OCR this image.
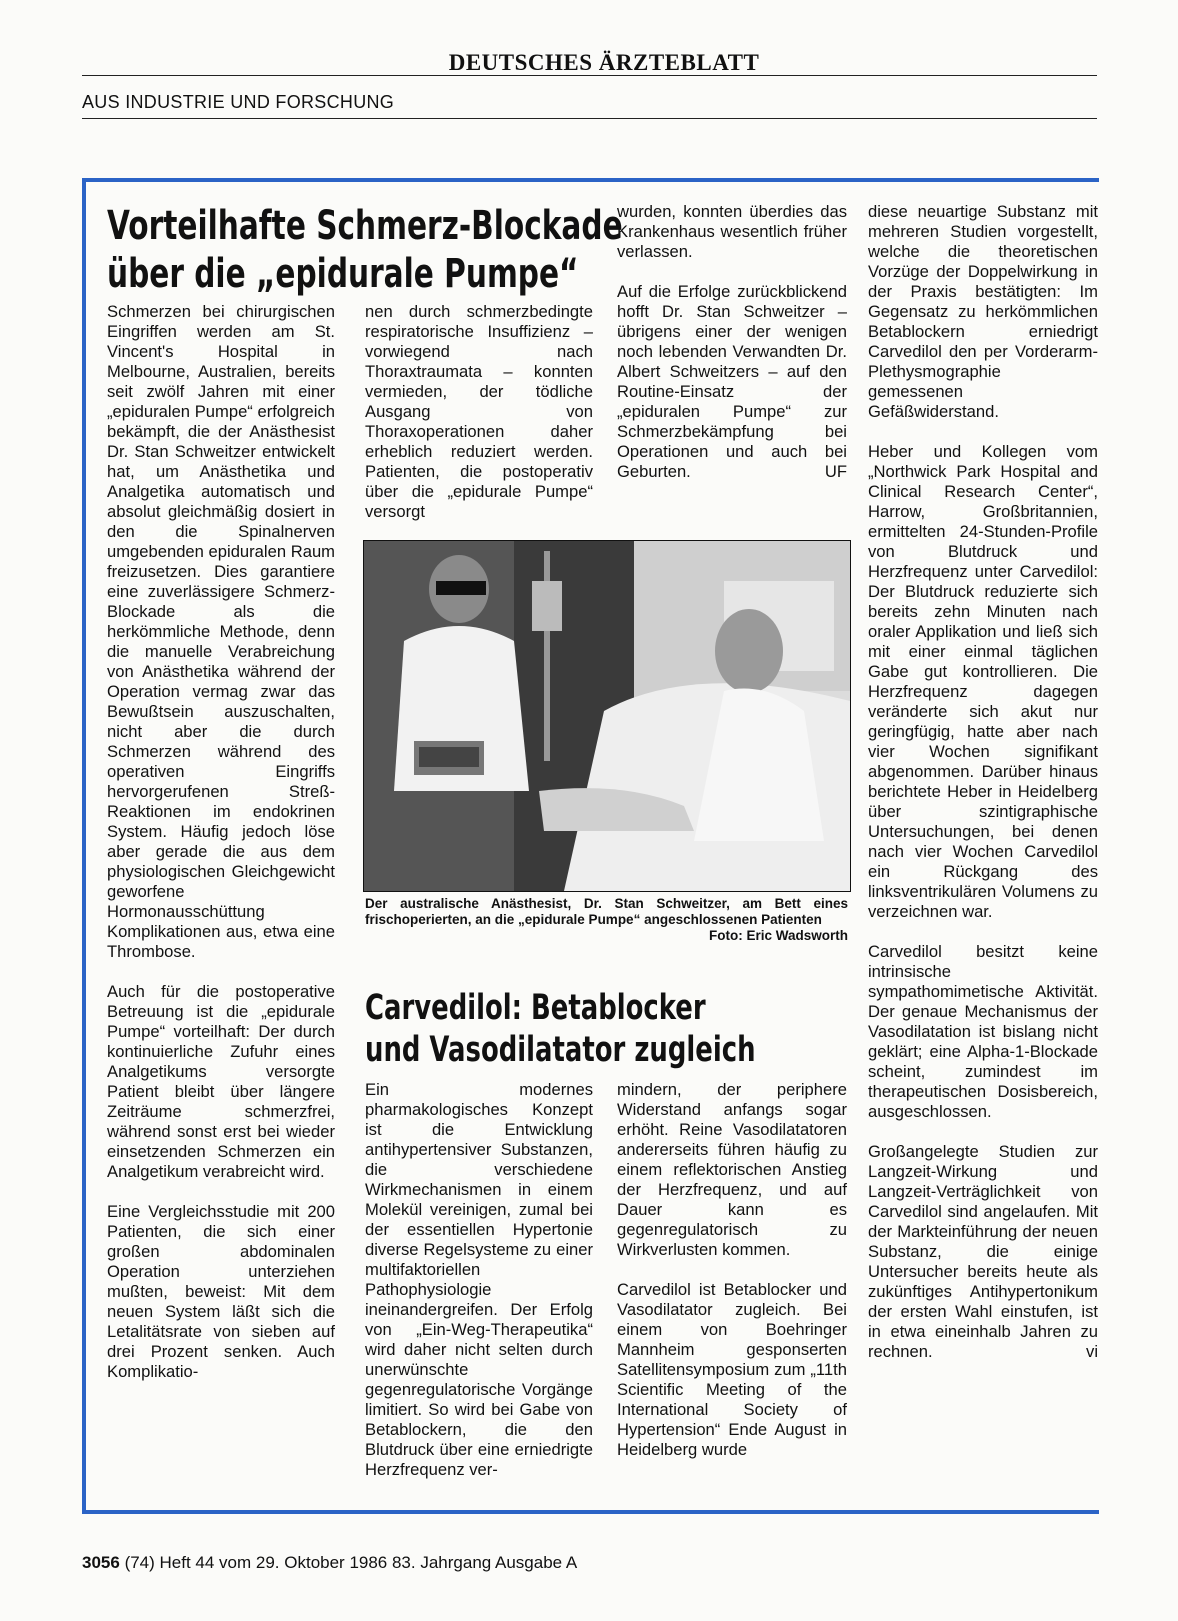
DEUTSCHES ÄRZTEBLATT
AUS INDUSTRIE UND FORSCHUNG
Vorteilhafte Schmerz-Blockade
über die „epidurale Pumpe“

Schmerzen bei chirurgischen Eingriffen werden am St. Vincent's Hospital in Melbourne, Australien, bereits seit zwölf Jahren mit einer „epiduralen Pumpe“ erfolgreich bekämpft, die der Anästhesist Dr. Stan Schweitzer entwickelt hat, um Anästhetika und Analgetika automatisch und absolut gleichmäßig dosiert in den die Spinalnerven umgebenden epiduralen Raum freizusetzen. Dies garantiere eine zuverlässigere Schmerz-Blockade als die herkömmliche Methode, denn die manuelle Verabreichung von Anästhetika während der Operation vermag zwar das Bewußtsein auszuschalten, nicht aber die durch Schmerzen während des operativen Eingriffs hervorgerufenen Streß-Reaktionen im endokrinen System. Häufig jedoch löse aber gerade die aus dem physiologischen Gleichgewicht geworfene Hormonausschüttung Komplikationen aus, etwa eine Thrombose.

Auch für die postoperative Betreuung ist die „epidurale Pumpe“ vorteilhaft: Der durch kontinuierliche Zufuhr eines Analgetikums versorgte Patient bleibt über längere Zeiträume schmerzfrei, während sonst erst bei wieder einsetzenden Schmerzen ein Analgetikum verabreicht wird.

Eine Vergleichsstudie mit 200 Patienten, die sich einer großen abdominalen Operation unterziehen mußten, beweist: Mit dem neuen System läßt sich die Letalitätsrate von sieben auf drei Prozent senken. Auch Komplikatio-

nen durch schmerzbedingte respiratorische Insuffizienz – vorwiegend nach Thoraxtraumata – konnten vermieden, der tödliche Ausgang von Thoraxoperationen daher erheblich reduziert werden. Patienten, die postoperativ über die „epidurale Pumpe“ versorgt

wurden, konnten überdies das Krankenhaus wesentlich früher verlassen.

Auf die Erfolge zurückblickend hofft Dr. Stan Schweitzer – übrigens einer der wenigen noch lebenden Verwandten Dr. Albert Schweitzers – auf den Routine-Einsatz der „epiduralen Pumpe“ zur Schmerzbekämpfung bei Operationen und auch bei Geburten.	UF

Der australische Anästhesist, Dr. Stan Schweitzer, am Bett eines frischoperierten, an die „epidurale Pumpe“ angeschlossenen Patienten
Foto: Eric Wadsworth
Carvedilol: Betablocker
und Vasodilatator zugleich

Ein modernes pharmakologisches Konzept ist die Entwicklung antihypertensiver Substanzen, die verschiedene Wirkmechanismen in einem Molekül vereinigen, zumal bei der essentiellen Hypertonie diverse Regelsysteme zu einer multifaktoriellen Pathophysiologie ineinandergreifen. Der Erfolg von „Ein-Weg-Therapeutika“ wird daher nicht selten durch unerwünschte gegenregulatorische Vorgänge limitiert. So wird bei Gabe von Betablockern, die den Blutdruck über eine erniedrigte Herzfrequenz ver-

mindern, der periphere Widerstand anfangs sogar erhöht. Reine Vasodilatatoren andererseits führen häufig zu einem reflektorischen Anstieg der Herzfrequenz, und auf Dauer kann es gegenregulatorisch zu Wirkverlusten kommen.

Carvedilol ist Betablocker und Vasodilatator zugleich. Bei einem von Boehringer Mannheim gesponserten Satellitensymposium zum „11th Scientific Meeting of the International Society of Hypertension“ Ende August in Heidelberg wurde

diese neuartige Substanz mit mehreren Studien vorgestellt, welche die theoretischen Vorzüge der Doppelwirkung in der Praxis bestätigten: Im Gegensatz zu herkömmlichen Betablockern erniedrigt Carvedilol den per Vorderarm-Plethysmographie gemessenen Gefäßwiderstand.

Heber und Kollegen vom „Northwick Park Hospital and Clinical Research Center“, Harrow, Großbritannien, ermittelten 24-Stunden-Profile von Blutdruck und Herzfrequenz unter Carvedilol: Der Blutdruck reduzierte sich bereits zehn Minuten nach oraler Applikation und ließ sich mit einer einmal täglichen Gabe gut kontrollieren. Die Herzfrequenz dagegen veränderte sich akut nur geringfügig, hatte aber nach vier Wochen signifikant abgenommen. Darüber hinaus berichtete Heber in Heidelberg über szintigraphische Untersuchungen, bei denen nach vier Wochen Carvedilol ein Rückgang des linksventrikulären Volumens zu verzeichnen war.

Carvedilol besitzt keine intrinsische sympathomimetische Aktivität. Der genaue Mechanismus der Vasodilatation ist bislang nicht geklärt; eine Alpha-1-Blockade scheint, zumindest im therapeutischen Dosisbereich, ausgeschlossen.

Großangelegte Studien zur Langzeit-Wirkung und Langzeit-Verträglichkeit von Carvedilol sind angelaufen. Mit der Markteinführung der neuen Substanz, die einige Untersucher bereits heute als zukünftiges Antihypertonikum der ersten Wahl einstufen, ist in etwa eineinhalb Jahren zu rechnen.	vi

3056 (74) Heft 44 vom 29. Oktober 1986 83. Jahrgang Ausgabe A
